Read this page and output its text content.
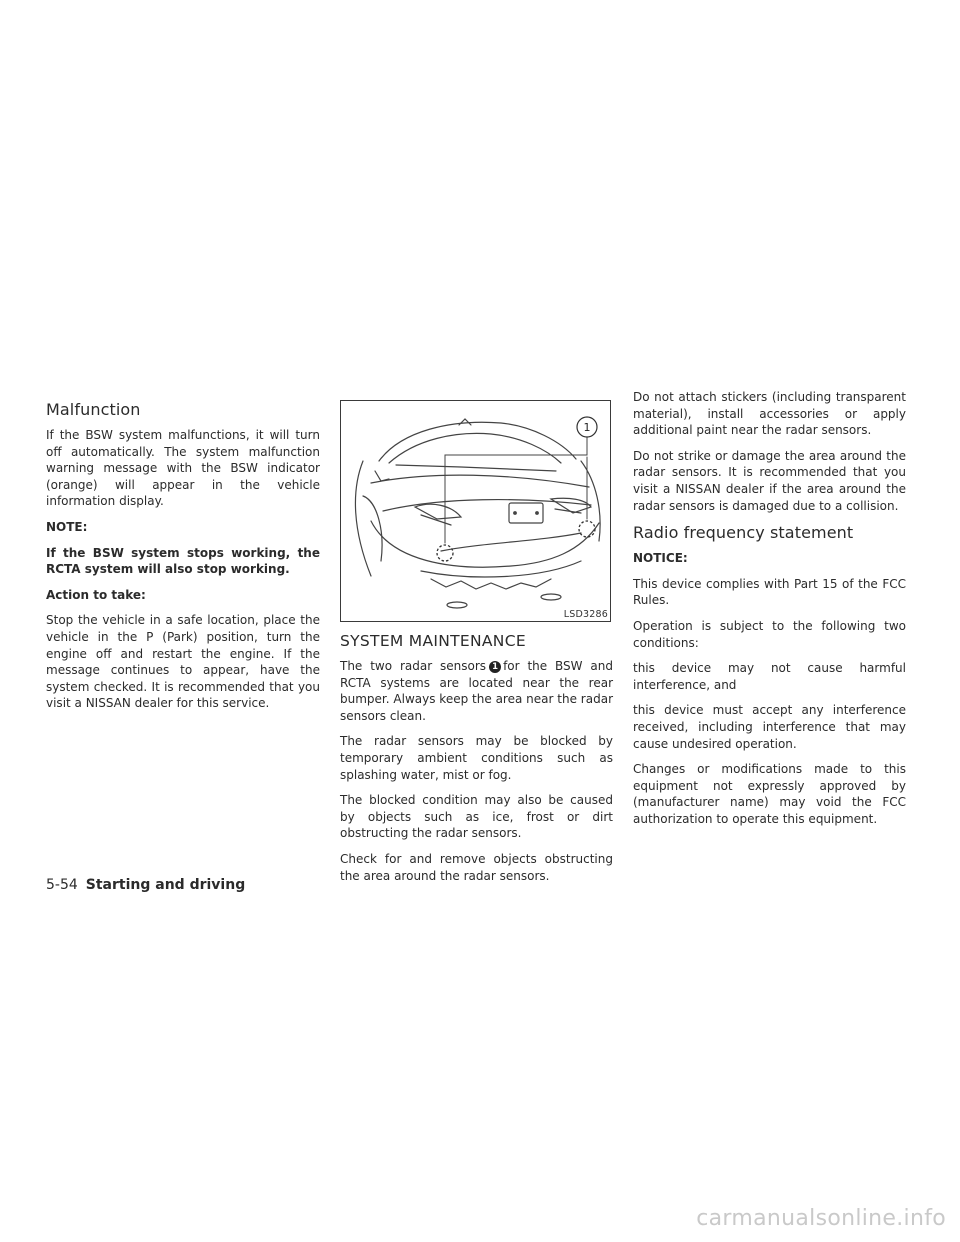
Malfunction

If the BSW system malfunctions, it will turn off automatically. The system malfunction warning message with the BSW indicator (orange) will appear in the vehicle information display.

NOTE:

If the BSW system stops working, the RCTA system will also stop working.

Action to take:

Stop the vehicle in a safe location, place the vehicle in the P (Park) position, turn the engine off and restart the engine. If the message continues to appear, have the system checked. It is recommended that you visit a NISSAN dealer for this service.

1
LSD3286
SYSTEM MAINTENANCE

The two radar sensors 1 for the BSW and RCTA systems are located near the rear bumper. Always keep the area near the radar sensors clean.

The radar sensors may be blocked by temporary ambient conditions such as splashing water, mist or fog.

The blocked condition may also be caused by objects such as ice, frost or dirt obstructing the radar sensors.

Check for and remove objects obstructing the area around the radar sensors.

Do not attach stickers (including transparent material), install accessories or apply additional paint near the radar sensors.

Do not strike or damage the area around the radar sensors. It is recommended that you visit a NISSAN dealer if the area around the radar sensors is damaged due to a collision.

Radio frequency statement

NOTICE:

This device complies with Part 15 of the FCC Rules.

Operation is subject to the following two conditions:

this device may not cause harmful interference, and

this device must accept any interference received, including interference that may cause undesired operation.

Changes or modifications made to this equipment not expressly approved by (manufacturer name) may void the FCC authorization to operate this equipment.

5-54 Starting and driving
carmanualsonline.info
